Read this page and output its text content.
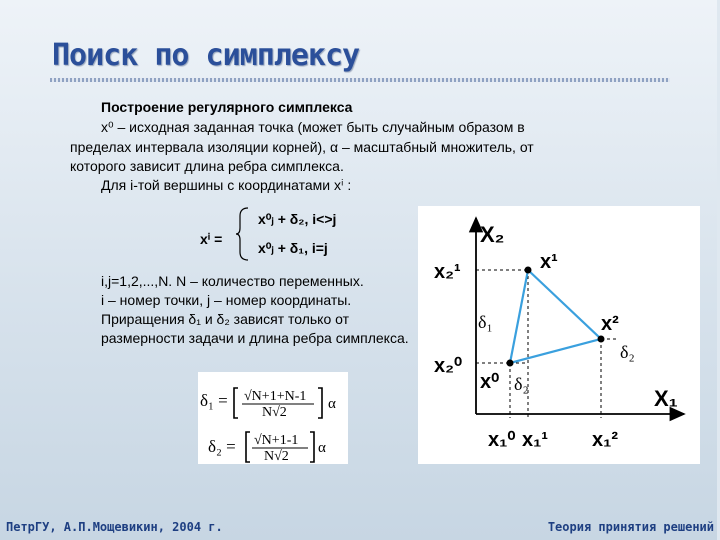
Поиск по симплексу
Построение регулярного симплекса
x⁰ – исходная заданная точка (может быть случайным образом в
пределах интервала изоляции корней), α – масштабный множитель, от
которого зависит длина ребра симплекса.
Для i-той вершины с координатами xⁱ :
xⁱ =
x⁰ⱼ + δ₂, i<>j
x⁰ⱼ + δ₁, i=j
X₂
X₁
x₂¹
x₂⁰
x¹
x²
x⁰
δ₁
δ₂
δ₂
x₁⁰ x₁¹ x₁²
i,j=1,2,...,N. N – количество переменных.
i – номер точки, j – номер координаты.
Приращения δ₁ и δ₂ зависят только от
размерности задачи и длина ребра симплекса.
δ₁ = √N+1+N-1
N√2
α
δ₂ = √N+1-1
N√2
α
ПетрГУ, А.П.Мощевикин, 2004 г.	Теория принятия решений
